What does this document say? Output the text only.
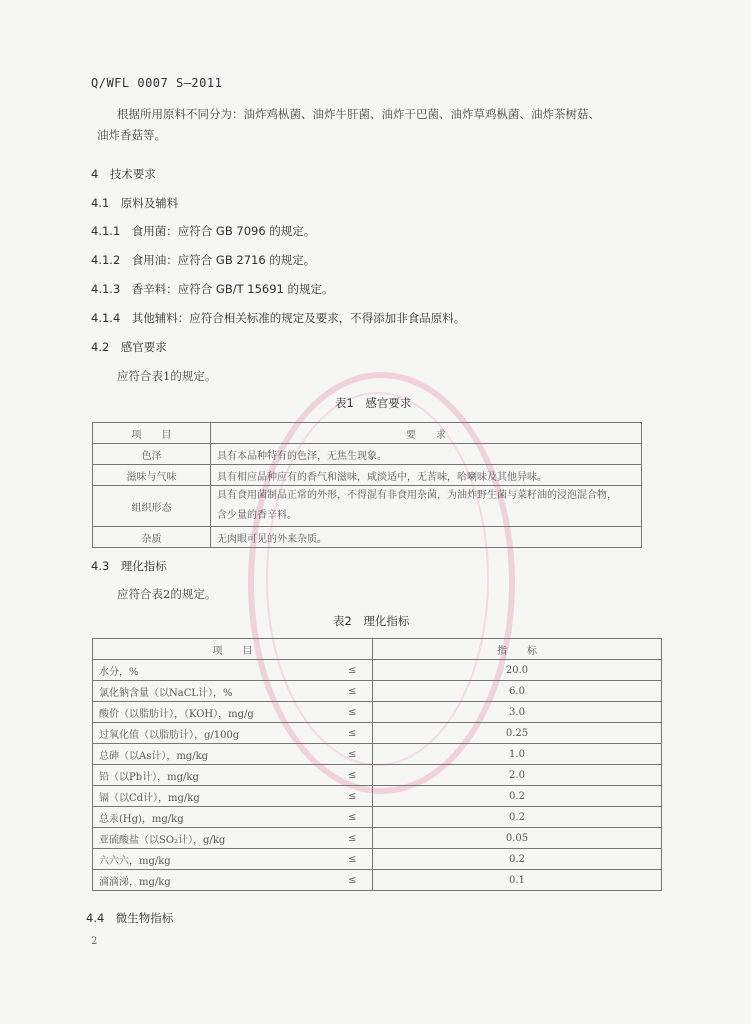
Q/WFL 0007 S—2011
根据所用原料不同分为：油炸鸡枞菌、油炸牛肝菌、油炸干巴菌、油炸草鸡枞菌、油炸茶树菇、
油炸香菇等。
4　技术要求
4.1　原料及辅料
4.1.1　食用菌：应符合 GB 7096 的规定。
4.1.2　食用油：应符合 GB 2716 的规定。
4.1.3　香辛料：应符合 GB/T 15691 的规定。
4.1.4　其他辅料：应符合相关标准的规定及要求，不得添加非食品原料。
4.2　感官要求
应符合表1的规定。
表1　感官要求
项　　目	要　　求
色泽	具有本品种特有的色泽，无焦生现象。
滋味与气味	具有相应品种应有的香气和滋味，咸淡适中，无苦味，哈喇味及其他异味。
组织形态	具有食用菌制品正常的外形，不得混有非食用杂菌，为油炸野生菌与菜籽油的浸泡混合物，
含少量的香辛料。

杂质	无肉眼可见的外来杂质。
4.3　理化指标
应符合表2的规定。
表2　理化指标
项　　目		指　　标
水分，%	≤	20.0
氯化钠含量（以NaCL计），%	≤	6.0
酸价（以脂肪计），（KOH），mg/g	≤	3.0
过氧化值（以脂肪计），g/100g	≤	0.25
总砷（以As计），mg/kg	≤	1.0
铅（以Pb计），mg/kg	≤	2.0
镉（以Cd计），mg/kg	≤	0.2
总汞(Hg)，mg/kg	≤	0.2
亚硫酸盐（以SO₂计），g/kg	≤	0.05
六六六，mg/kg	≤	0.2
滴滴涕，mg/kg	≤	0.1
4.4　微生物指标
2
